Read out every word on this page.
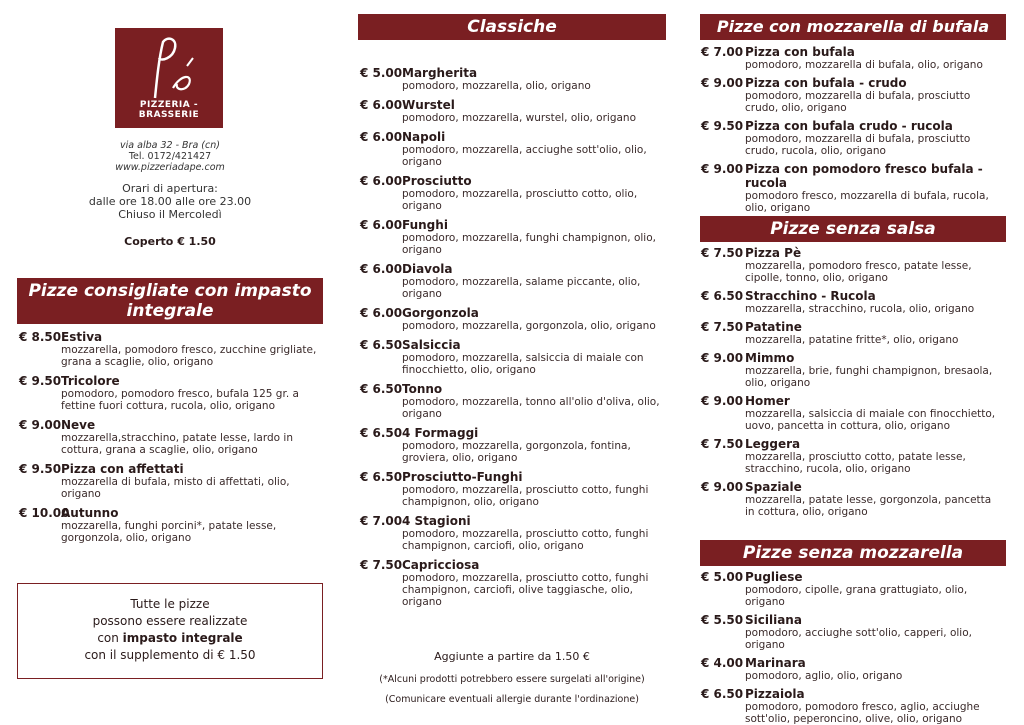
PIZZERIA - BRASSERIE
via alba 32 - Bra (cn)
Tel. 0172/421427
www.pizzeriadape.com
Orari di apertura:
dalle ore 18.00 alle ore 23.00
Chiuso il Mercoledì
Coperto € 1.50
Pizze consigliate con impasto
integrale
€ 8.50 Estiva
mozzarella, pomodoro fresco, zucchine grigliate, grana a scaglie, olio, origano
€ 9.50 Tricolore
pomodoro, pomodoro fresco, bufala 125 gr. a fettine fuori cottura, rucola, olio, origano
€ 9.00 Neve
mozzarella,stracchino, patate lesse, lardo in cottura, grana a scaglie, olio, origano
€ 9.50 Pizza con affettati
mozzarella di bufala, misto di affettati, olio, origano
€ 10.00
Autunno
mozzarella, funghi porcini*, patate lesse, gorgonzola, olio, origano
Tutte le pizze
possono essere realizzate
con impasto integrale
con il supplemento di € 1.50
Classiche
€ 5.00 Margherita
pomodoro, mozzarella, olio, origano
€ 6.00 Wurstel
pomodoro, mozzarella, wurstel, olio, origano
€ 6.00 Napoli
pomodoro, mozzarella, acciughe sott'olio, olio, origano
€ 6.00 Prosciutto
pomodoro, mozzarella, prosciutto cotto, olio, origano
€ 6.00 Funghi
pomodoro, mozzarella, funghi champignon, olio, origano
€ 6.00 Diavola
pomodoro, mozzarella, salame piccante, olio, origano
€ 6.00 Gorgonzola
pomodoro, mozzarella, gorgonzola, olio, origano
€ 6.50 Salsiccia
pomodoro, mozzarella, salsiccia di maiale con finocchietto, olio, origano
€ 6.50 Tonno
pomodoro, mozzarella, tonno all'olio d'oliva, olio, origano
€ 6.50 4 Formaggi
pomodoro, mozzarella, gorgonzola, fontina, groviera, olio, origano
€ 6.50 Prosciutto-Funghi
pomodoro, mozzarella, prosciutto cotto, funghi champignon, olio, origano
€ 7.00 4 Stagioni
pomodoro, mozzarella, prosciutto cotto, funghi champignon, carciofi, olio, origano
€ 7.50 Capricciosa
pomodoro, mozzarella, prosciutto cotto, funghi champignon, carciofi, olive taggiasche, olio, origano
Aggiunte a partire da 1.50 €
(*Alcuni prodotti potrebbero essere surgelati all'origine)
(Comunicare eventuali allergie durante l'ordinazione)
Pizze con mozzarella di bufala
€ 7.00 Pizza con bufala
pomodoro, mozzarella di bufala, olio, origano
€ 9.00 Pizza con bufala - crudo
pomodoro, mozzarella di bufala, prosciutto crudo, olio, origano
€ 9.50 Pizza con bufala crudo - rucola
pomodoro, mozzarella di bufala, prosciutto crudo, rucola, olio, origano
€ 9.00 Pizza con pomodoro fresco bufala - rucola
pomodoro fresco, mozzarella di bufala, rucola, olio, origano
Pizze senza salsa
€ 7.50 Pizza Pè
mozzarella, pomodoro fresco, patate lesse, cipolle, tonno, olio, origano
€ 6.50 Stracchino - Rucola
mozzarella, stracchino, rucola, olio, origano
€ 7.50 Patatine
mozzarella, patatine fritte*, olio, origano
€ 9.00 Mimmo
mozzarella, brie, funghi champignon, bresaola, olio, origano
€ 9.00 Homer
mozzarella, salsiccia di maiale con finocchietto, uovo, pancetta in cottura, olio, origano
€ 7.50 Leggera
mozzarella, prosciutto cotto, patate lesse, stracchino, rucola, olio, origano
€ 9.00 Spaziale
mozzarella, patate lesse, gorgonzola, pancetta in cottura, olio, origano
Pizze senza mozzarella
€ 5.00 Pugliese
pomodoro, cipolle, grana grattugiato, olio, origano
€ 5.50 Siciliana
pomodoro, acciughe sott'olio, capperi, olio, origano
€ 4.00 Marinara
pomodoro, aglio, olio, origano
€ 6.50 Pizzaiola
pomodoro, pomodoro fresco, aglio, acciughe sott'olio, peperoncino, olive, olio, origano
